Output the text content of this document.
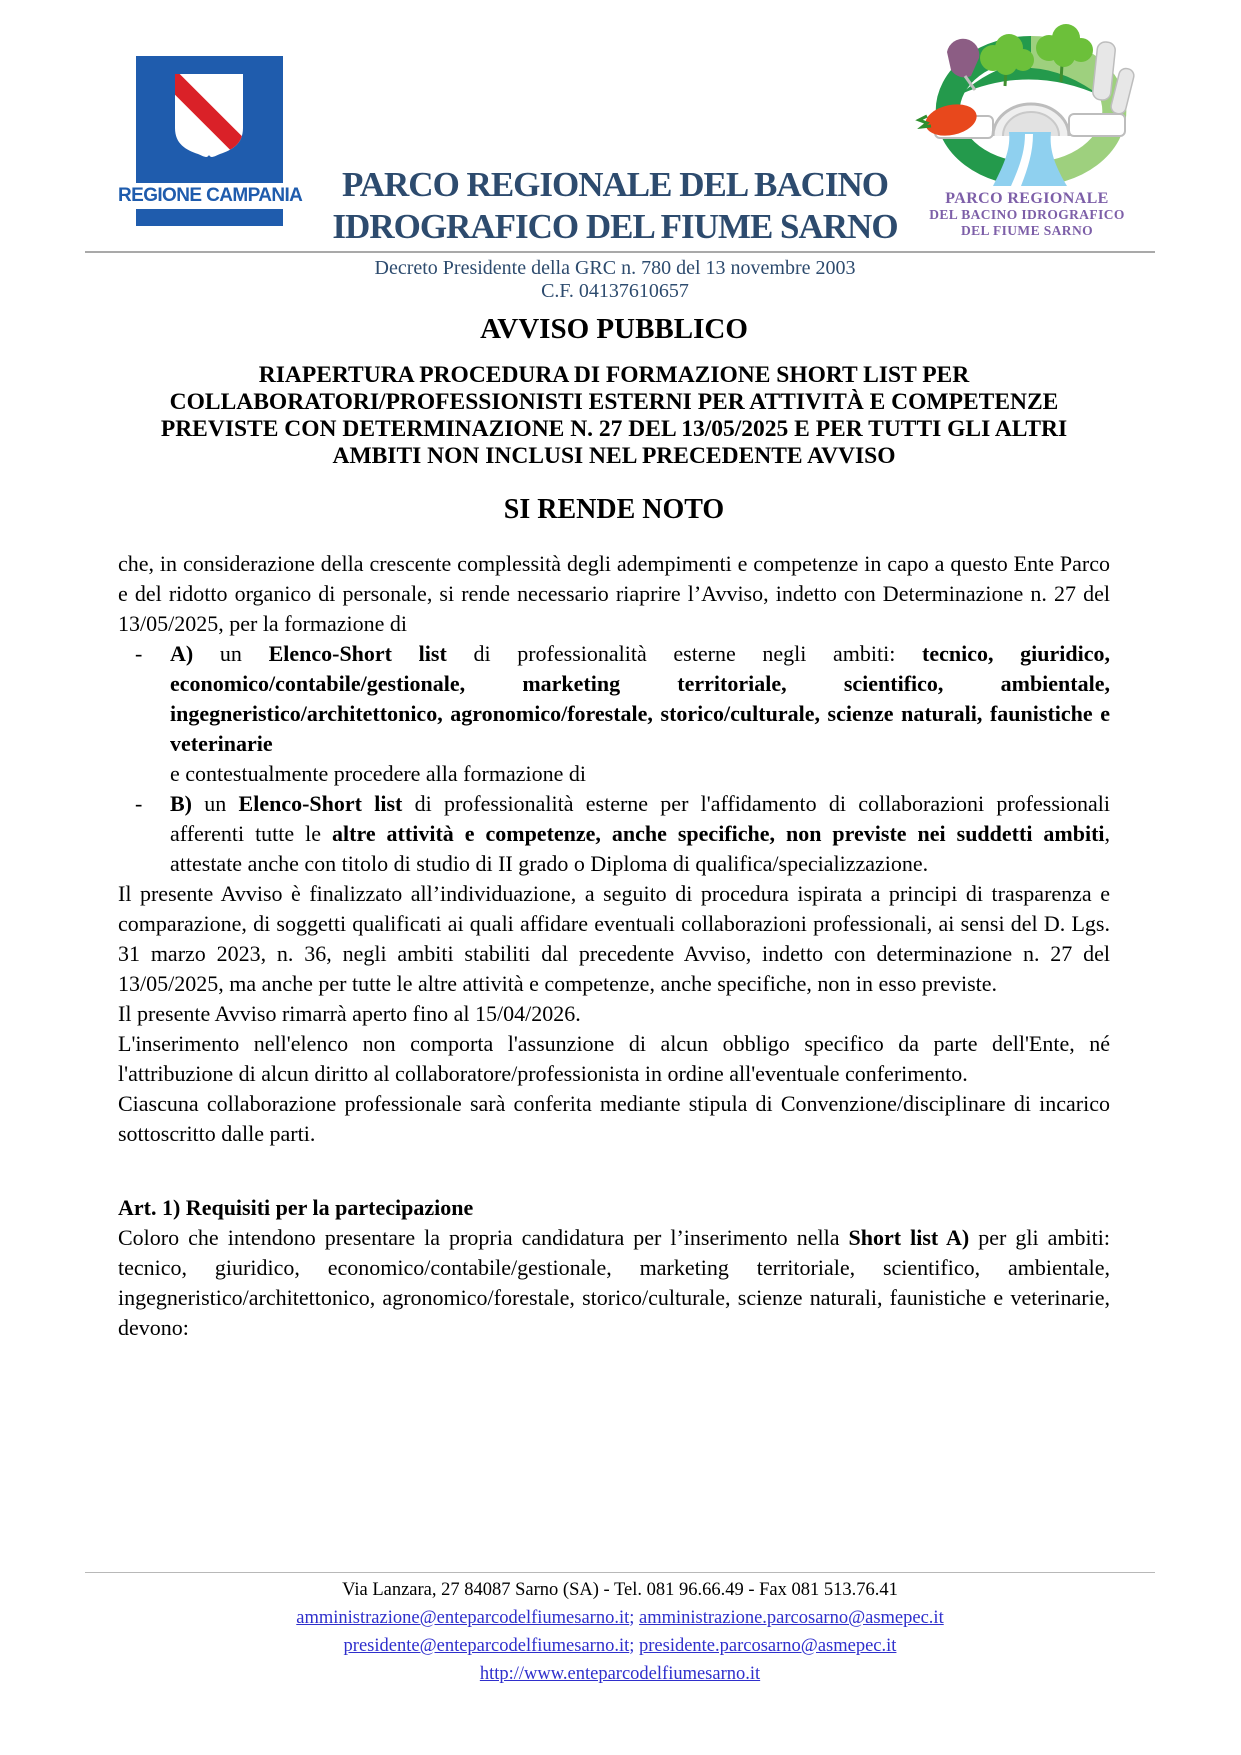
REGIONE CAMPANIA	PARCO REGIONALE
DEL BACINO IDROGRAFICO
DEL FIUME SARNO
PARCO REGIONALE DEL BACINO
IDROGRAFICO DEL FIUME SARNO
Decreto Presidente della GRC n. 780 del 13 novembre 2003
C.F. 04137610657
AVVISO PUBBLICO
RIAPERTURA PROCEDURA DI FORMAZIONE SHORT LIST PER
COLLABORATORI/PROFESSIONISTI ESTERNI PER ATTIVITÀ E COMPETENZE
PREVISTE CON DETERMINAZIONE N. 27 DEL 13/05/2025 E PER TUTTI GLI ALTRI
AMBITI NON INCLUSI NEL PRECEDENTE AVVISO
SI RENDE NOTO
che, in considerazione della crescente complessità degli adempimenti e competenze in capo a questo Ente Parco e del ridotto organico di personale, si rende necessario riaprire l’Avviso, indetto con Determinazione n. 27 del 13/05/2025, per la formazione di
- A) un Elenco-Short list di professionalità esterne negli ambiti: tecnico, giuridico, economico/contabile/gestionale, marketing territoriale, scientifico, ambientale, ingegneristico/architettonico, agronomico/forestale, storico/culturale, scienze naturali, faunistiche e veterinarie
e contestualmente procedere alla formazione di
- B) un Elenco-Short list di professionalità esterne per l'affidamento di collaborazioni professionali afferenti tutte le altre attività e competenze, anche specifiche, non previste nei suddetti ambiti, attestate anche con titolo di studio di II grado o Diploma di qualifica/specializzazione.
Il presente Avviso è finalizzato all’individuazione, a seguito di procedura ispirata a principi di trasparenza e comparazione, di soggetti qualificati ai quali affidare eventuali collaborazioni professionali, ai sensi del D. Lgs. 31 marzo 2023, n. 36, negli ambiti stabiliti dal precedente Avviso, indetto con determinazione n. 27 del 13/05/2025, ma anche per tutte le altre attività e competenze, anche specifiche, non in esso previste.
Il presente Avviso rimarrà aperto fino al 15/04/2026.
L'inserimento nell'elenco non comporta l'assunzione di alcun obbligo specifico da parte dell'Ente, né l'attribuzione di alcun diritto al collaboratore/professionista in ordine all'eventuale conferimento.
Ciascuna collaborazione professionale sarà conferita mediante stipula di Convenzione/disciplinare di incarico sottoscritto dalle parti.
Art. 1) Requisiti per la partecipazione
Coloro che intendono presentare la propria candidatura per l’inserimento nella Short list A) per gli ambiti: tecnico, giuridico, economico/contabile/gestionale, marketing territoriale, scientifico, ambientale, ingegneristico/architettonico, agronomico/forestale, storico/culturale, scienze naturali, faunistiche e veterinarie, devono:
Via Lanzara, 27 84087 Sarno (SA) - Tel. 081 96.66.49 - Fax 081 513.76.41
amministrazione@enteparcodelfiumesarno.it; amministrazione.parcosarno@asmepec.it
presidente@enteparcodelfiumesarno.it; presidente.parcosarno@asmepec.it
http://www.enteparcodelfiumesarno.it
